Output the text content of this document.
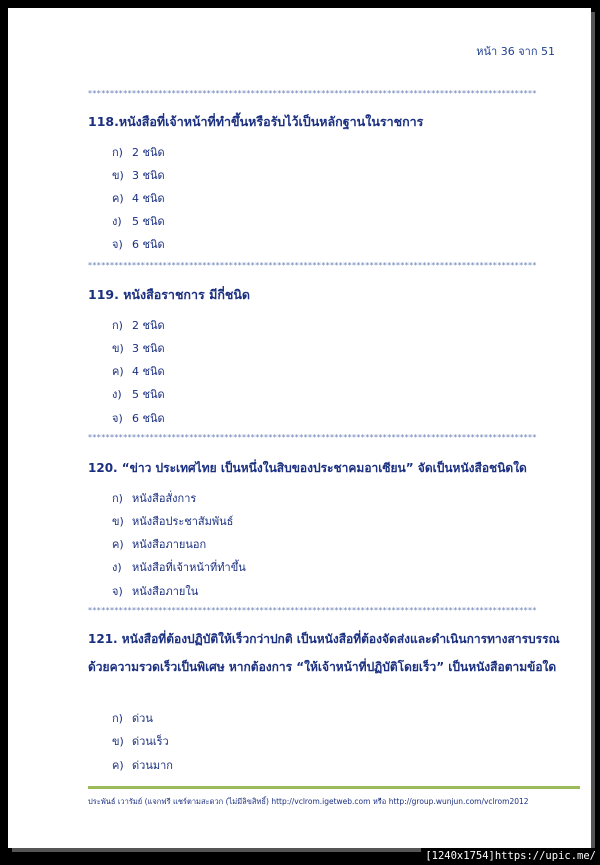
หน้า 36 จาก 51
******************************************************************************************************
118.หนังสือที่เจ้าหน้าที่ทำขึ้นหรือรับไว้เป็นหลักฐานในราชการ
ก) 2 ชนิด
ข) 3 ชนิด
ค) 4 ชนิด
ง) 5 ชนิด
จ) 6 ชนิด
******************************************************************************************************
119. หนังสือราชการ มีกี่ชนิด
ก) 2 ชนิด
ข) 3 ชนิด
ค) 4 ชนิด
ง) 5 ชนิด
จ) 6 ชนิด
******************************************************************************************************
120. “ข่าว ประเทศไทย เป็นหนึ่งในสิบของประชาคมอาเซียน” จัดเป็นหนังสือชนิดใด
ก) หนังสือสั่งการ
ข) หนังสือประชาสัมพันธ์
ค) หนังสือภายนอก
ง) หนังสือที่เจ้าหน้าที่ทำขึ้น
จ) หนังสือภายใน
******************************************************************************************************
121. หนังสือที่ต้องปฏิบัติให้เร็วกว่าปกติ เป็นหนังสือที่ต้องจัดส่งและดำเนินการทางสารบรรณด้วยความรวดเร็วเป็นพิเศษ หากต้องการ “ให้เจ้าหน้าที่ปฏิบัติโดยเร็ว” เป็นหนังสือตามข้อใด
ก) ด่วน
ข) ด่วนเร็ว
ค) ด่วนมาก
ประพันธ์ เวารัมย์ (แจกฟรี แชร์ตามสะดวก (ไม่มีลิขสิทธิ์) http://vclrom.igetweb.com หรือ http://group.wunjun.com/vclrom2012
[1240x1754]https://upic.me/
